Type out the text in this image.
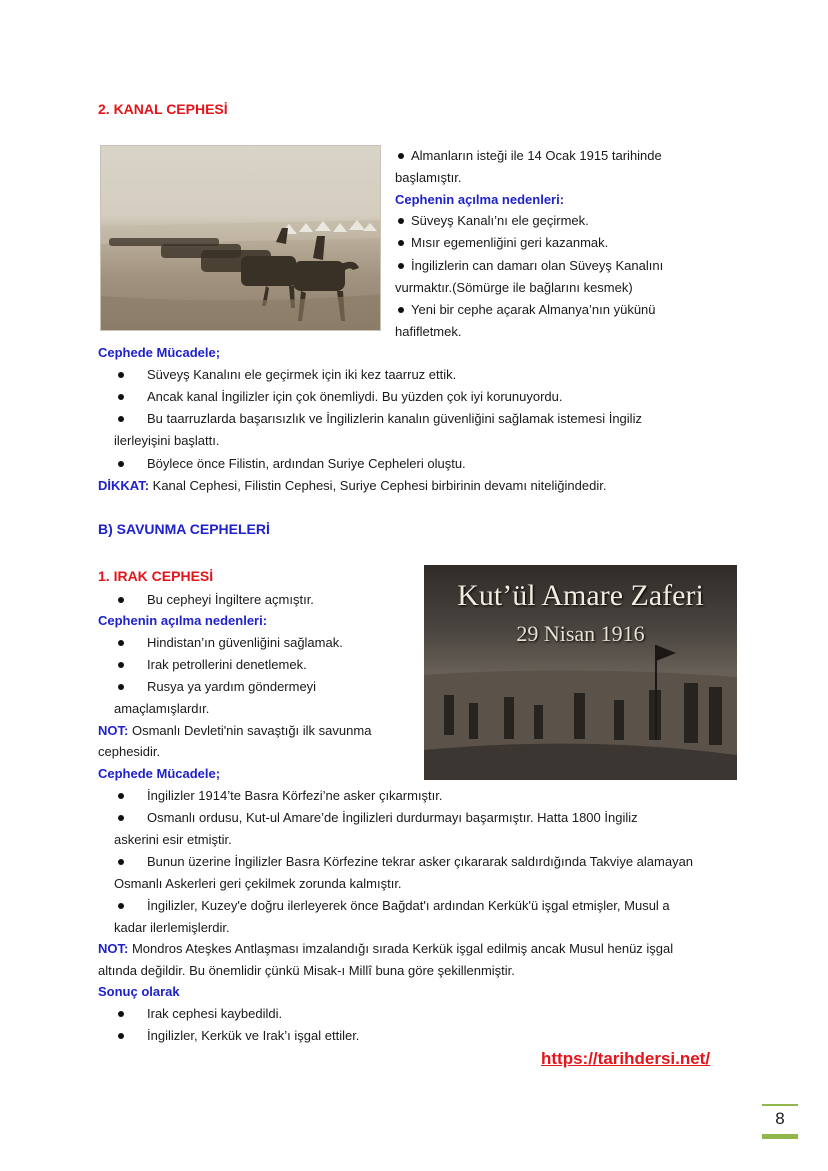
2. KANAL CEPHESİ
Almanların isteği ile 14 Ocak 1915 tarihinde
başlamıştır.
Cephenin açılma nedenleri:
Süveyş Kanalı’nı ele geçirmek.
Mısır egemenliğini geri kazanmak.
İngilizlerin can damarı olan Süveyş Kanalını
vurmaktır.(Sömürge ile bağlarını kesmek)
Yeni bir cephe açarak Almanya’nın yükünü
hafifletmek.
Cephede Mücadele;
Süveyş Kanalını ele geçirmek için iki kez taarruz ettik.
Ancak kanal İngilizler için çok önemliydi. Bu yüzden çok iyi korunuyordu.
Bu taarruzlarda başarısızlık ve İngilizlerin kanalın güvenliğini sağlamak istemesi İngiliz
ilerleyişini başlattı.
Böylece önce Filistin, ardından Suriye Cepheleri oluştu.
DİKKAT: Kanal Cephesi, Filistin Cephesi, Suriye Cephesi birbirinin devamı niteliğindedir.
B) SAVUNMA CEPHELERİ
1. IRAK CEPHESİ
Kut’ül Amare Zaferi
29 Nisan 1916
Bu cepheyi İngiltere açmıştır.
Cephenin açılma nedenleri:
Hindistan’ın güvenliğini sağlamak.
Irak petrollerini denetlemek.
Rusya ya yardım göndermeyi
amaçlamışlardır.
NOT: Osmanlı Devleti'nin savaştığı ilk savunma
cephesidir.
Cephede Mücadele;
İngilizler 1914’te Basra Körfezi’ne asker çıkarmıştır.
Osmanlı ordusu, Kut-ul Amare’de İngilizleri durdurmayı başarmıştır. Hatta 1800 İngiliz
askerini esir etmiştir.
Bunun üzerine İngilizler Basra Körfezine tekrar asker çıkararak saldırdığında Takviye alamayan
Osmanlı Askerleri geri çekilmek zorunda kalmıştır.
İngilizler, Kuzey'e doğru ilerleyerek önce Bağdat'ı ardından Kerkük'ü işgal etmişler, Musul a
kadar ilerlemişlerdir.
NOT: Mondros Ateşkes Antlaşması imzalandığı sırada Kerkük işgal edilmiş ancak Musul henüz işgal
altında değildir. Bu önemlidir çünkü Misak-ı Millî buna göre şekillenmiştir.
Sonuç olarak
Irak cephesi kaybedildi.
İngilizler, Kerkük ve Irak’ı işgal ettiler.
https://tarihdersi.net/
8
